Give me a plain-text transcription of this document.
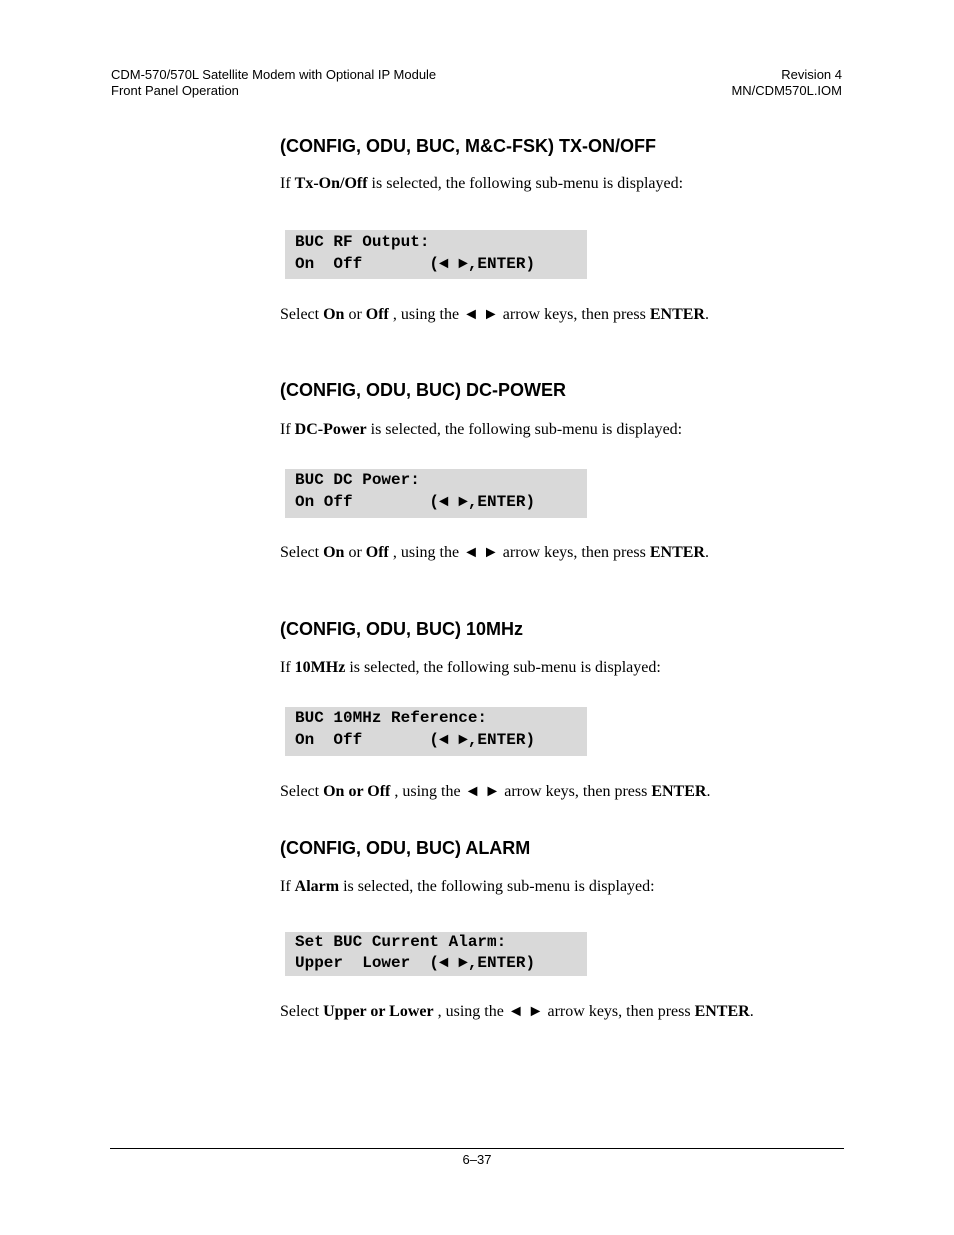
CDM-570/570L Satellite Modem with Optional IP Module
Front Panel Operation
Revision 4
MN/CDM570L.IOM
(CONFIG, ODU, BUC, M&C-FSK) TX-ON/OFF

If Tx-On/Off is selected, the following sub-menu is displayed:

BUC RF Output:
On  Off       (◄ ►,ENTER)

Select On or Off , using the ◄ ► arrow keys, then press ENTER.

(CONFIG, ODU, BUC) DC-POWER

If DC-Power is selected, the following sub-menu is displayed:

BUC DC Power:
On Off        (◄ ►,ENTER)

Select On or Off , using the ◄ ► arrow keys, then press ENTER.

(CONFIG, ODU, BUC) 10MHz

If 10MHz is selected, the following sub-menu is displayed:

BUC 10MHz Reference:
On  Off       (◄ ►,ENTER)

Select On or Off , using the ◄ ► arrow keys, then press ENTER.

(CONFIG, ODU, BUC) ALARM

If Alarm is selected, the following sub-menu is displayed:

Set BUC Current Alarm:
Upper  Lower  (◄ ►,ENTER)

Select Upper or Lower , using the ◄ ► arrow keys, then press ENTER.

6–37
